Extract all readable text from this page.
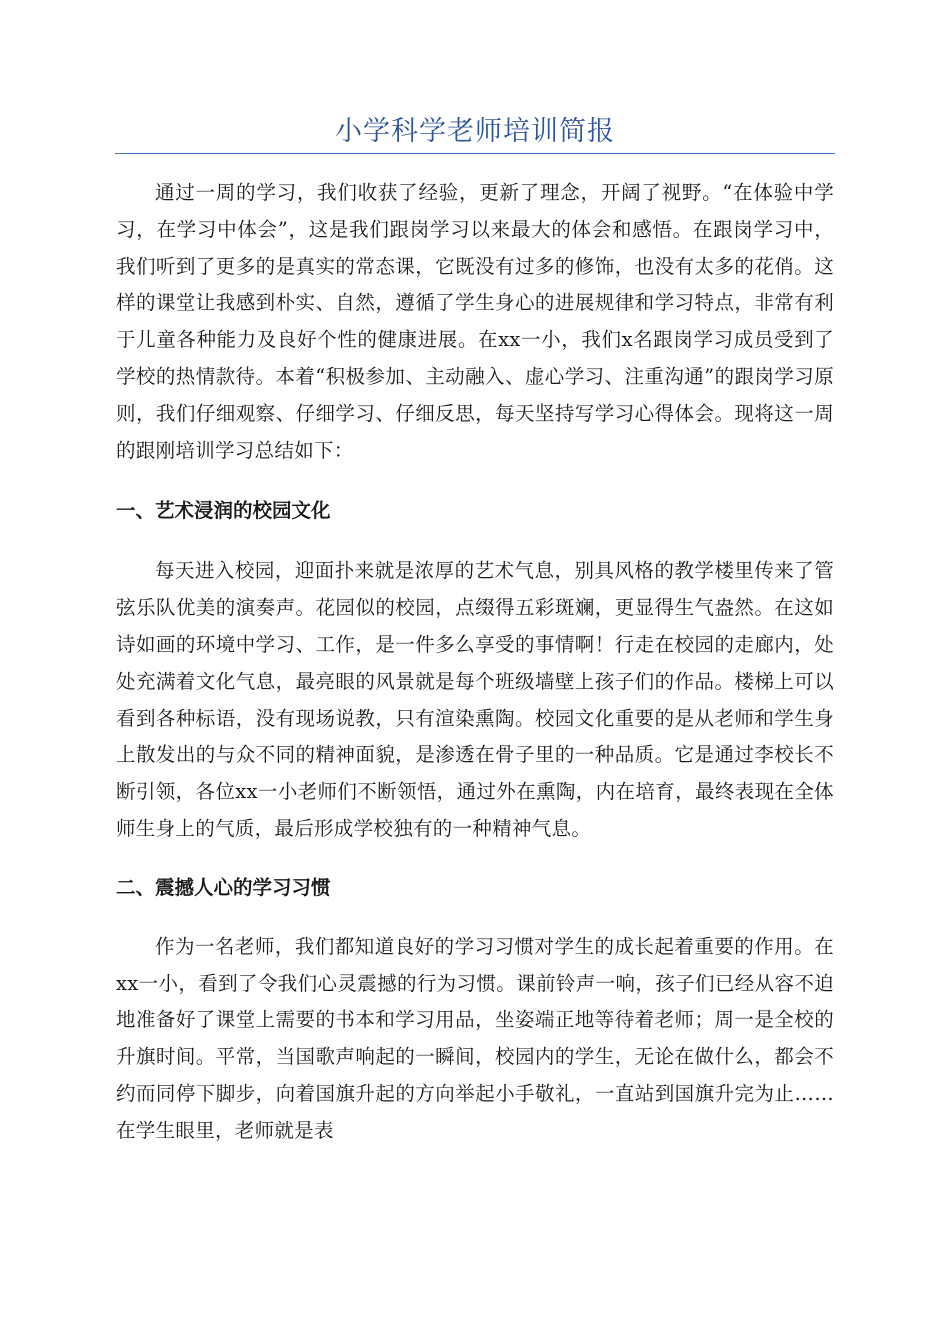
小学科学老师培训简报

通过一周的学习，我们收获了经验，更新了理念，开阔了视野。“在体验中学习，在学习中体会”，这是我们跟岗学习以来最大的体会和感悟。在跟岗学习中，我们听到了更多的是真实的常态课，它既没有过多的修饰，也没有太多的花俏。这样的课堂让我感到朴实、自然，遵循了学生身心的进展规律和学习特点，非常有利于儿童各种能力及良好个性的健康进展。在xx一小，我们x名跟岗学习成员受到了学校的热情款待。本着“积极参加、主动融入、虚心学习、注重沟通”的跟岗学习原则，我们仔细观察、仔细学习、仔细反思，每天坚持写学习心得体会。现将这一周的跟刚培训学习总结如下：

一、艺术浸润的校园文化

每天进入校园，迎面扑来就是浓厚的艺术气息，别具风格的教学楼里传来了管弦乐队优美的演奏声。花园似的校园，点缀得五彩斑斓，更显得生气盎然。在这如诗如画的环境中学习、工作，是一件多么享受的事情啊！行走在校园的走廊内，处处充满着文化气息，最亮眼的风景就是每个班级墙壁上孩子们的作品。楼梯上可以看到各种标语，没有现场说教，只有渲染熏陶。校园文化重要的是从老师和学生身上散发出的与众不同的精神面貌，是渗透在骨子里的一种品质。它是通过李校长不断引领，各位xx一小老师们不断领悟，通过外在熏陶，内在培育，最终表现在全体师生身上的气质，最后形成学校独有的一种精神气息。

二、震撼人心的学习习惯

作为一名老师，我们都知道良好的学习习惯对学生的成长起着重要的作用。在xx一小，看到了令我们心灵震撼的行为习惯。课前铃声一响，孩子们已经从容不迫地准备好了课堂上需要的书本和学习用品，坐姿端正地等待着老师；周一是全校的升旗时间。平常，当国歌声响起的一瞬间，校园内的学生，无论在做什么，都会不约而同停下脚步，向着国旗升起的方向举起小手敬礼，一直站到国旗升完为止……在学生眼里，老师就是表
